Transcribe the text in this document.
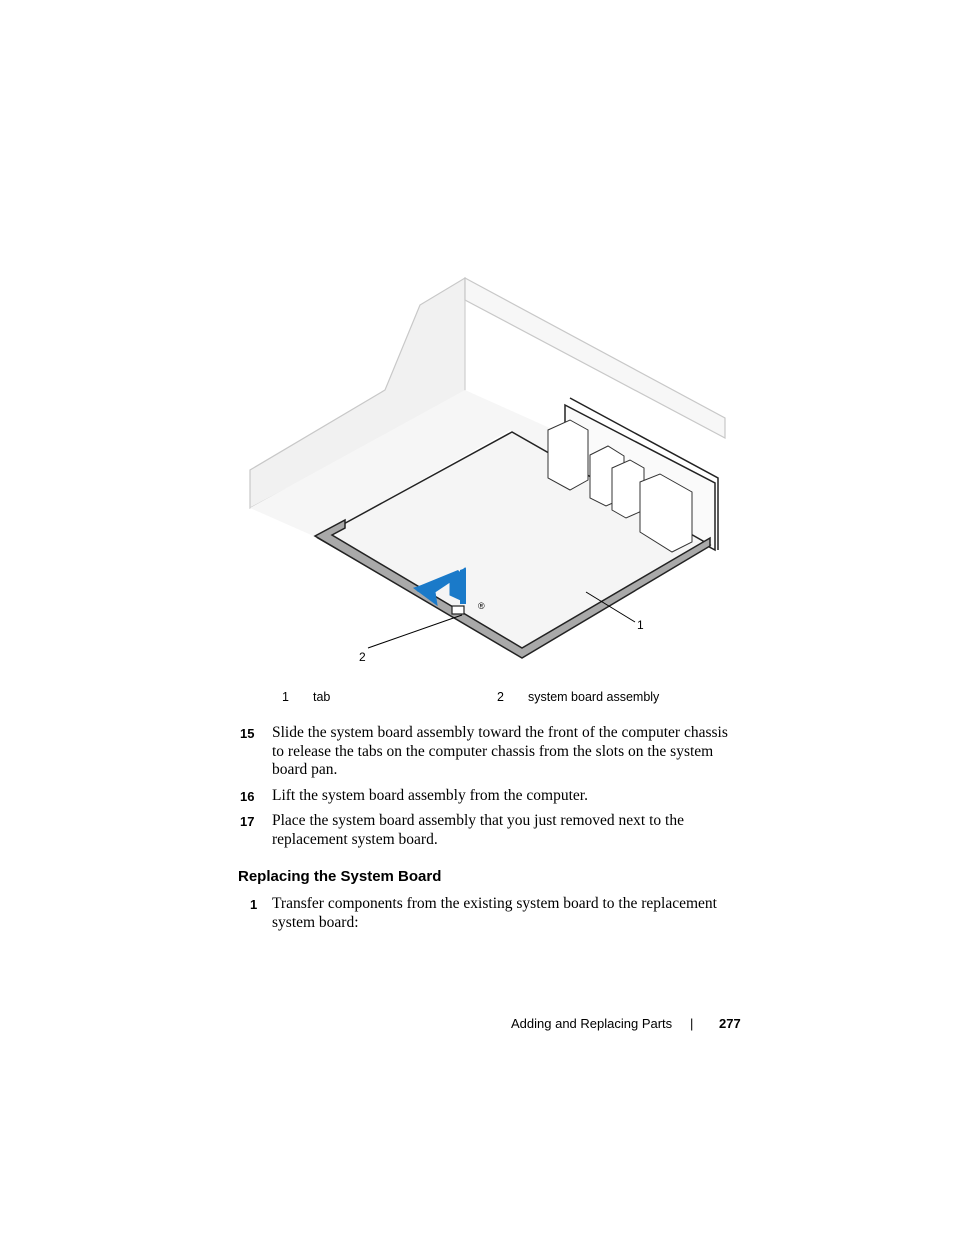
®
1
2
1 tab	2 system board assembly
15	Slide the system board assembly toward the front of the computer chassis to release the tabs on the computer chassis from the slots on the system board pan.
16	Lift the system board assembly from the computer.
17	Place the system board assembly that you just removed next to the replacement system board.
Replacing the System Board
1 Transfer components from the existing system board to the replacement system board:
Adding and Replacing Parts | 277
